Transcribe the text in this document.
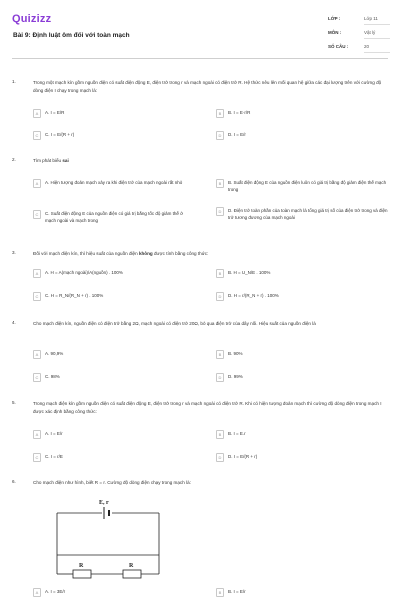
Quizizz
Bài 9: Định luật ôm đối với toàn mạch
LỚP :	Lớp 11
MÔN :	Vật lý
SỐ CÂU :	20
1.	Trong một mạch kín gồm nguồn điện có suất điện động E, điện trở trong r và mạch ngoài có điện trở R. Hệ thức nêu lên mối quan hệ giữa các đại lượng trên với cường độ dòng điện I chạy trong mạch là:
A	A. I = E/R	B	B. I = E·r/R
C	C. I = E/(R + r)	D	D. I = E/r
2.	Tìm phát biểu sai
A	A. Hiện tượng đoản mạch xảy ra khi điện trở của mạch ngoài rất nhỏ	B	B. Suất điện động E của nguồn điện luôn có giá trị bằng độ giảm điện thế mạch trong
C	C. Suất điện động E của nguồn điện có giá trị bằng tốc độ giảm thế ở mạch ngoài và mạch trong
D	D. Điện trở toàn phần của toàn mạch là tổng giá trị số của điện trở trong và điện trở tương đương của mạch ngoài
3.	Đối với mạch điện kín, thì hiệu suất của nguồn điện không được tính bằng công thức:
A	A. H = A(mạch ngoài)/A(nguồn) . 100%	B	B. H = U_N/E . 100%
C	C. H = R_N/(R_N + r) . 100%	D	D. H = r/(R_N + r) . 100%
4.	Cho mạch điện kín, nguồn điện có điện trở bằng 2Ω, mạch ngoài có điện trở 20Ω, bỏ qua điện trở của dây nối. Hiệu suất của nguồn điện là
A	A. 90,9%	B	B. 90%
C	C. 98%	D	D. 99%
5.	Trong mạch điện kín gồm nguồn điện có suất điện động E, điện trở trong r và mạch ngoài có điện trở R. Khi có hiện tượng đoản mạch thì cường độ dòng điện trong mạch I được xác định bằng công thức:
A	A. I = E/r	B	B. I = E.r
C	C. I = r/E	D	D. I = E/(R + r)
6.	Cho mạch điện như hình, biết R = r. Cường độ dòng điện chạy trong mạch là:
E, r
R	R
A	A. I = 3E/r	B	B. I = E/r
